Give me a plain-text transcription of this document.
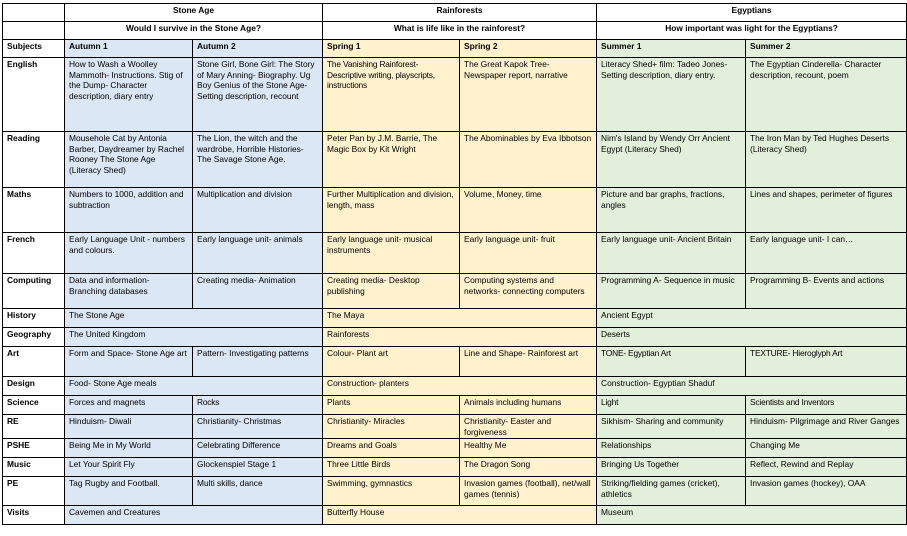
	Stone Age		Rainforests		Egyptians	
	Would I survive in the Stone Age?		What is life like in the rainforest?		How important was light for the Egyptians?	
Subjects	Autumn 1	Autumn 2	Spring 1	Spring 2	Summer 1	Summer 2
English	How to Wash a Woolley Mammoth- Instructions. Stig of the Dump- Character description, diary entry	Stone Girl, Bone Girl: The Story of Mary Anning- Biography. Ug Boy Genius of the Stone Age- Setting description, recount	The Vanishing Rainforest- Descriptive writing, playscripts, instructions	The Great Kapok Tree- Newspaper report, narrative	Literacy Shed+ film: Tadeo Jones- Setting description, diary entry.	The Egyptian Cinderella- Character description, recount, poem
Reading	Mousehole Cat by Antonia Barber, Daydreamer by Rachel Rooney The Stone Age (Literacy Shed)	The Lion, the witch and the wardrobe, Horrible Histories- The Savage Stone Age.	Peter Pan by J.M. Barrie, The Magic Box by Kit Wright	The Abominables by Eva Ibbotson	Nim's Island by Wendy Orr Ancient Egypt (Literacy Shed)	The Iron Man by Ted Hughes Deserts (Literacy Shed)
Maths	Numbers to 1000, addition and subtraction	Multiplication and division	Further Multiplication and division, length, mass	Volume, Money, time	Picture and bar graphs, fractions, angles	Lines and shapes, perimeter of figures
French	Early Language Unit - numbers and colours.	Early language unit- animals	Early language unit- musical instruments	Early language unit- fruit	Early language unit- Ancient Britain	Early language unit- I can…
Computing	Data and information- Branching databases	Creating media- Animation	Creating media- Desktop publishing	Computing systems and networks- connecting computers	Programming A- Sequence in music	Programming B- Events and actions
History	The Stone Age		The Maya		Ancient Egypt	
Geography	The United Kingdom		Rainforests		Deserts	
Art	Form and Space- Stone Age art	Pattern- Investigating patterns	Colour- Plant art	Line and Shape- Rainforest art	TONE- Egyptian Art	TEXTURE- Hieroglyph Art
Design	Food- Stone Age meals		Construction- planters		Construction- Egyptian Shaduf	
Science	Forces and magnets	Rocks	Plants	Animals including humans	Light	Scientists and Inventors
RE	Hinduism- Diwali	Christianity- Christmas	Christianity- Miracles	Christianity- Easter and forgiveness	Sikhism- Sharing and community	Hinduism- Pilgrimage and River Ganges
PSHE	Being Me in My World	Celebrating Difference	Dreams and Goals	Healthy Me	Relationships	Changing Me
Music	Let Your Spirit Fly	Glockenspiel Stage 1	Three Little Birds	The Dragon Song	Bringing Us Together	Reflect, Rewind and Replay
PE	Tag Rugby and Football.	Multi skills, dance	Swimming, gymnastics	Invasion games (football), net/wall games (tennis)	Striking/fielding games (cricket), athletics	Invasion games (hockey), OAA
Visits	Cavemen and Creatures		Butterfly House		Museum	
